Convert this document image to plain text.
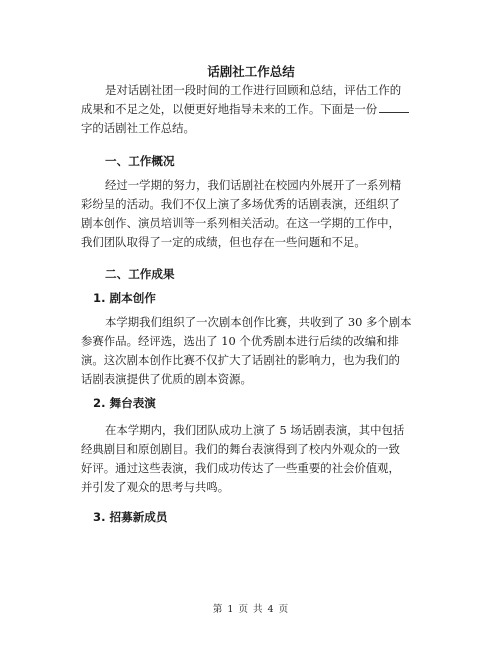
话剧社工作总结
是对话剧社团一段时间的工作进行回顾和总结，评估工作的
成果和不足之处，以便更好地指导未来的工作。下面是一份
字的话剧社工作总结。
一、工作概况
经过一学期的努力，我们话剧社在校园内外展开了一系列精
彩纷呈的活动。我们不仅上演了多场优秀的话剧表演，还组织了
剧本创作、演员培训等一系列相关活动。在这一学期的工作中，
我们团队取得了一定的成绩，但也存在一些问题和不足。
二、工作成果
1. 剧本创作
本学期我们组织了一次剧本创作比赛，共收到了 30 多个剧本
参赛作品。经评选，选出了 10 个优秀剧本进行后续的改编和排
演。这次剧本创作比赛不仅扩大了话剧社的影响力，也为我们的
话剧表演提供了优质的剧本资源。
2. 舞台表演
在本学期内，我们团队成功上演了 5 场话剧表演，其中包括
经典剧目和原创剧目。我们的舞台表演得到了校内外观众的一致
好评。通过这些表演，我们成功传达了一些重要的社会价值观，
并引发了观众的思考与共鸣。
3. 招募新成员
第 1 页 共 4 页
